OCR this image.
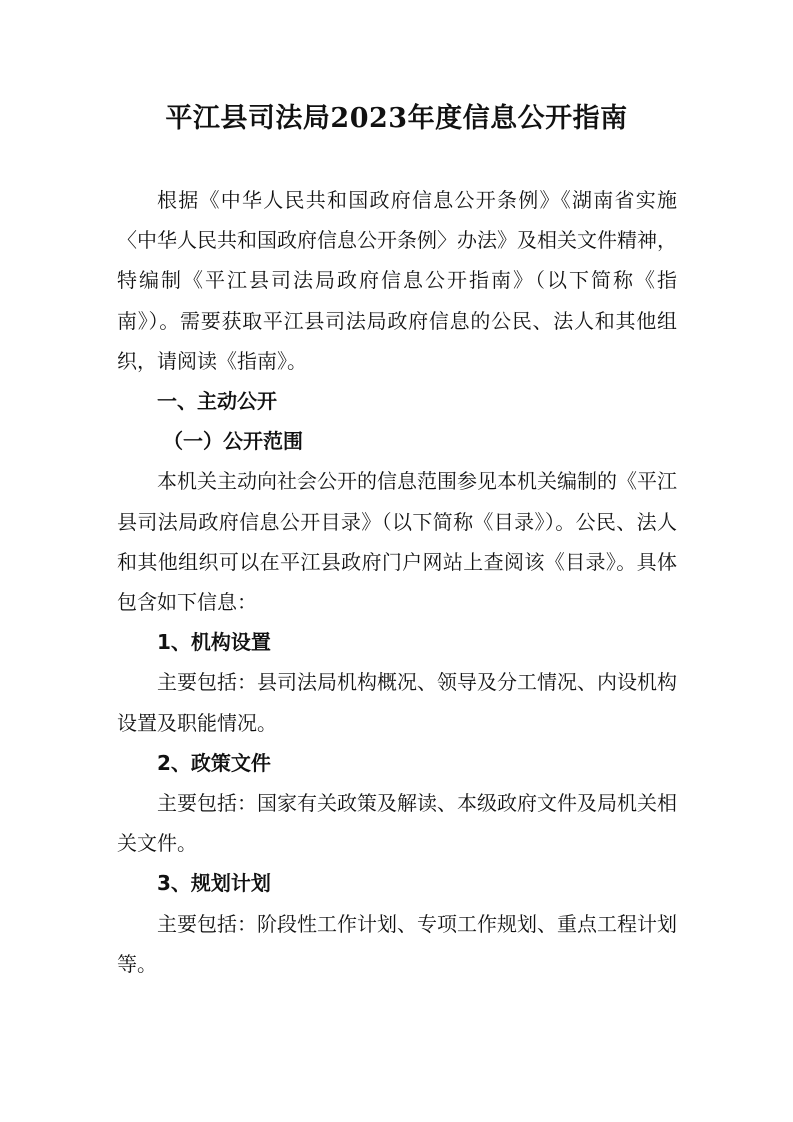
平江县司法局2023年度信息公开指南

根据《中华人民共和国政府信息公开条例》《湖南省实施〈中华人民共和国政府信息公开条例〉办法》及相关文件精神，特编制《平江县司法局政府信息公开指南》（以下简称《指南》）。需要获取平江县司法局政府信息的公民、法人和其他组织，请阅读《指南》。

一、主动公开

（一）公开范围

本机关主动向社会公开的信息范围参见本机关编制的《平江县司法局政府信息公开目录》（以下简称《目录》）。公民、法人和其他组织可以在平江县政府门户网站上查阅该《目录》。具体包含如下信息：

1、机构设置

主要包括：县司法局机构概况、领导及分工情况、内设机构设置及职能情况。

2、政策文件

主要包括：国家有关政策及解读、本级政府文件及局机关相关文件。

3、规划计划

主要包括：阶段性工作计划、专项工作规划、重点工程计划等。
